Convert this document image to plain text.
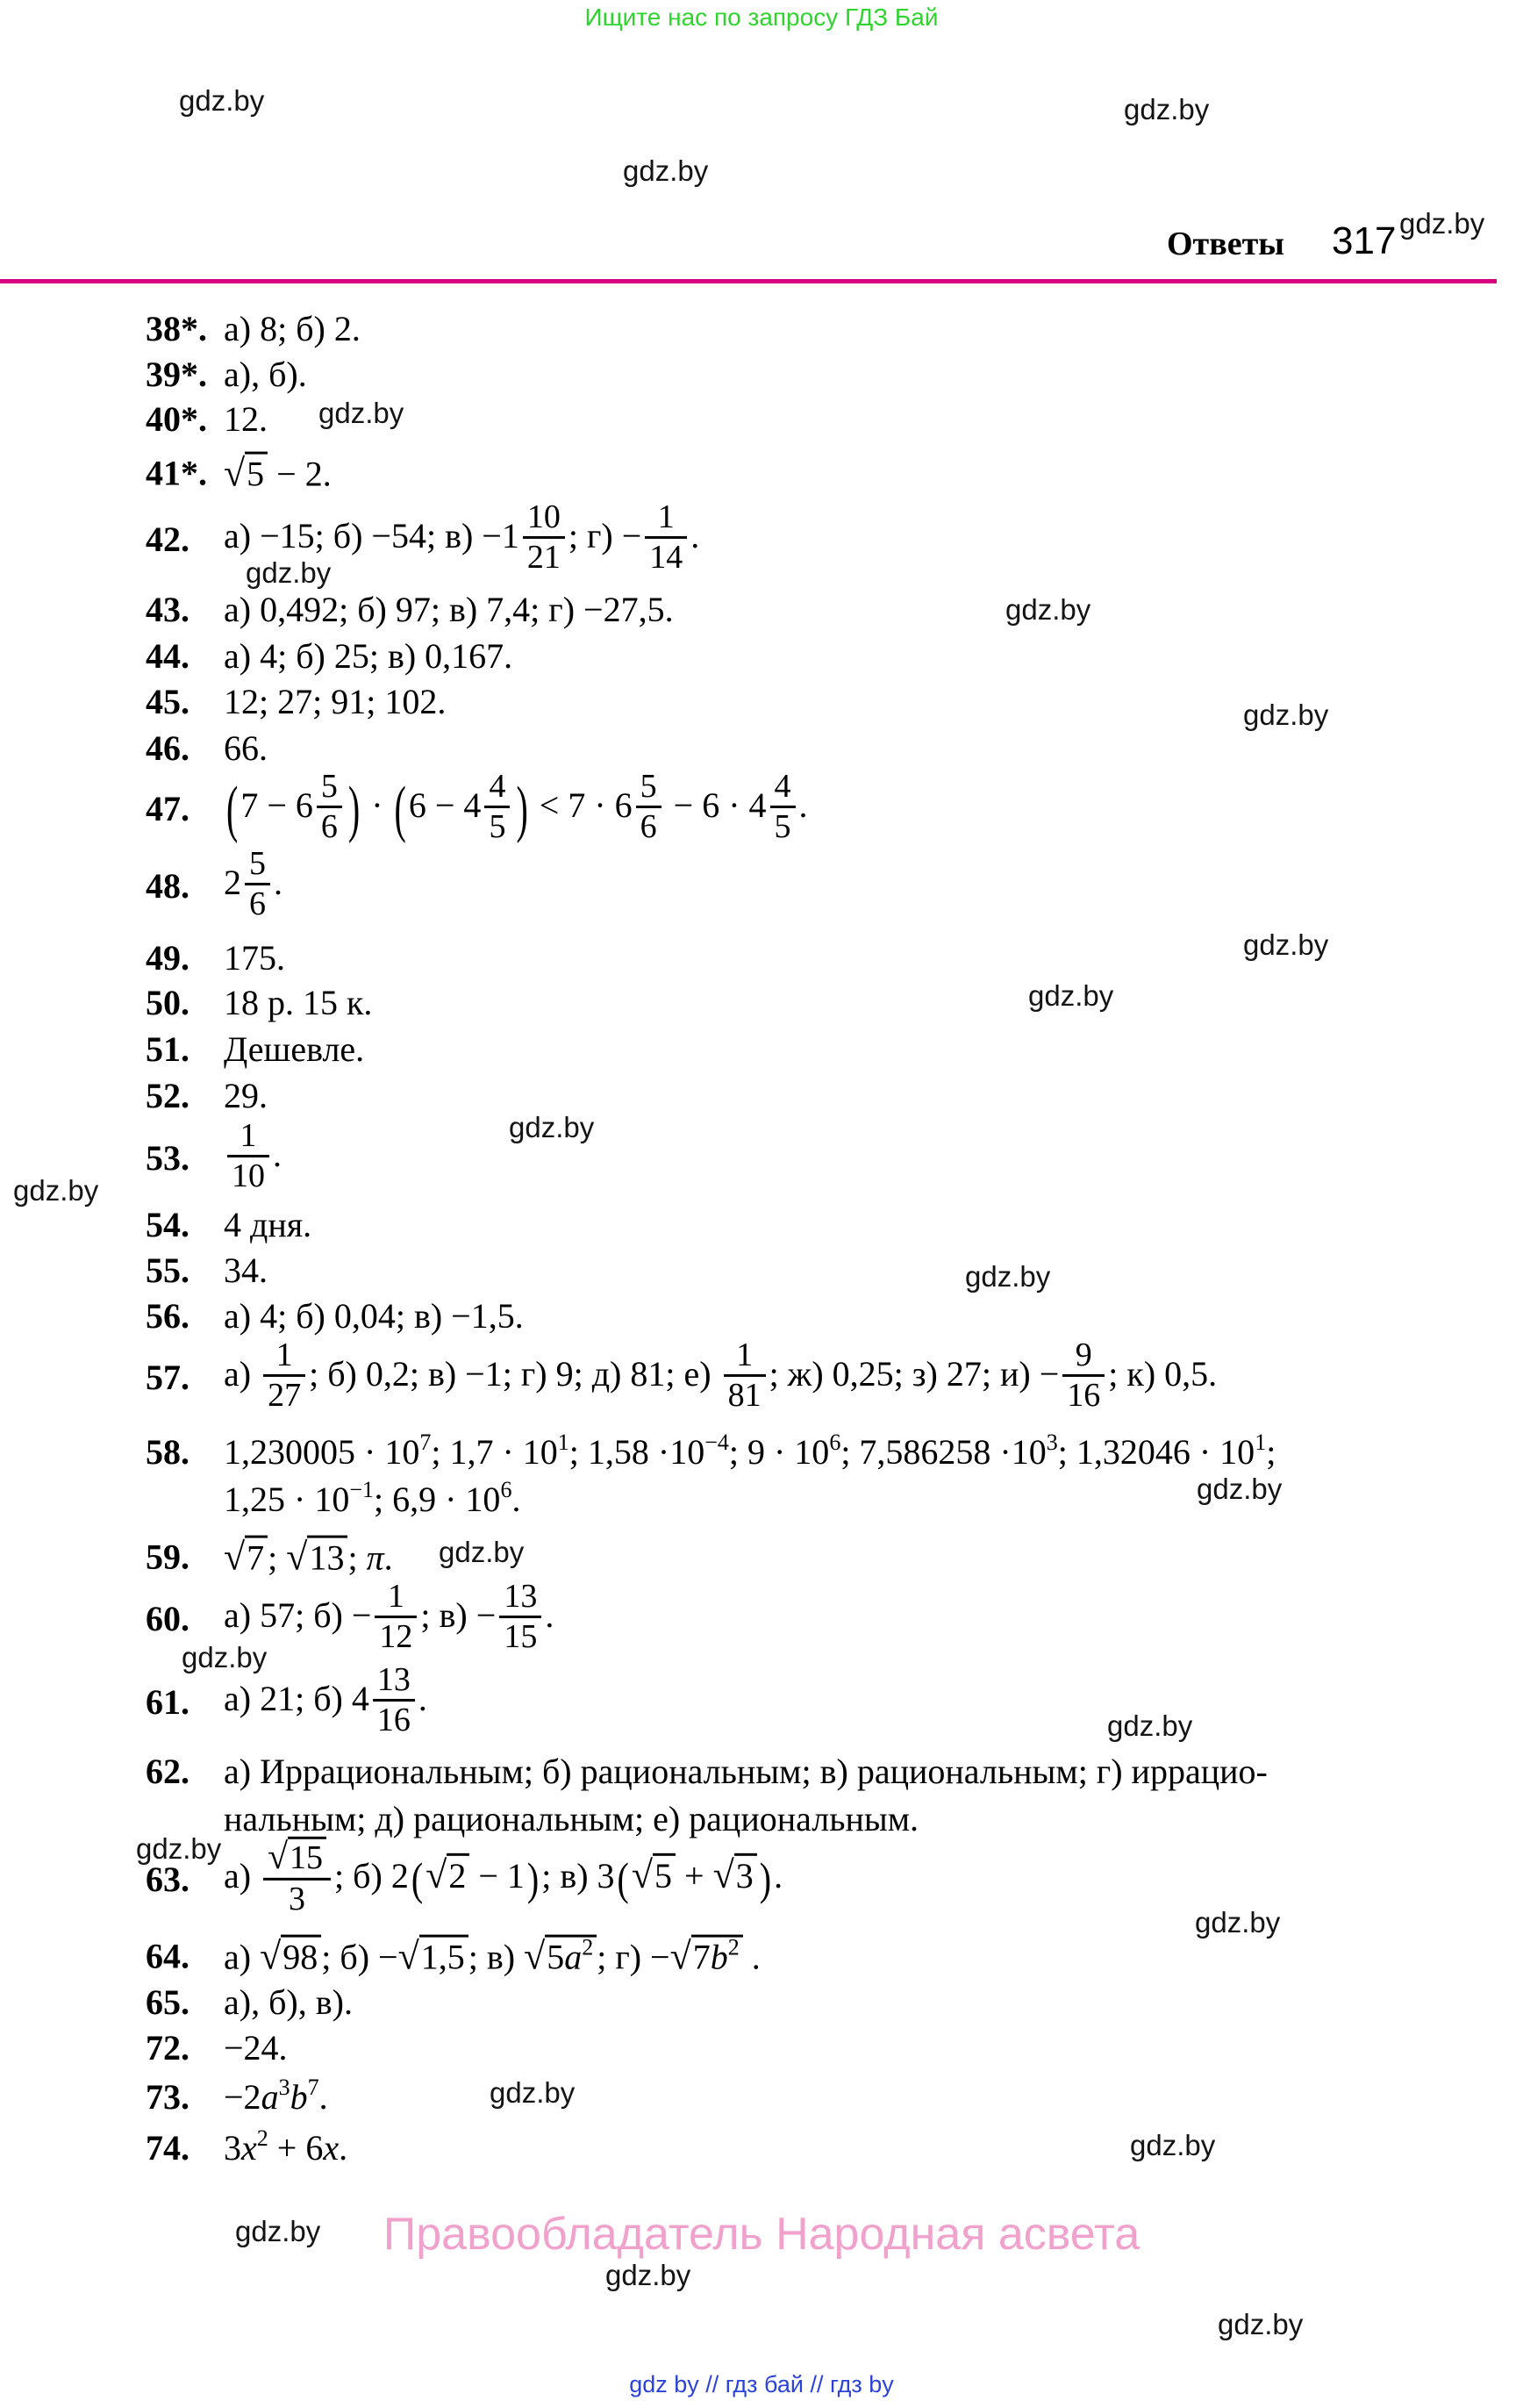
Ищите нас по запросу ГДЗ Бай
Ответы 317
38*. а) 8; б) 2.
39*. а), б).
40*. 12.
41*. √5 − 2.
42. а) −15; б) −54; $в) -1 \frac{10}{21}$ ; $г) - \frac{1}{14}$ .
43. а) 0,492; б) 97; в) 7,4; г) −27,5.
44. а) 4; б) 25; в) 0,167.
45. 12; 27; 91; 102.
46. 66.
47.	($7 - 6 \frac{5}{6}$ ) · ($6 - 4 \frac{4}{5}$ ) < $7 \cdot 6 \frac{5}{6} - 6 \cdot 4 \frac{4}{5}$ .
48. $2 \frac{5}{6}$ .
49. 175.
50. 18 р. 15 к.
51. Дешевле.
52. 29.
53.	$\frac{1}{10}$ .
54. 4 дня.
55. 34.
56. а) 4; б) 0,04; в) −1,5.
57. $а) \frac{1}{27}$ ; б) 0,2; в) −1; г) 9; д) 81; $е) \frac{1}{81}$ ; ж) 0,25; з) 27; $и) - \frac{9}{16}$ ; к) 0,5.
58. $1,230005 \cdot 10^7$; $1,7 \cdot 10^1$; $1,58 \cdot 10^{-4}$; $9 \cdot 10^6$; $7,586258 \cdot 10^3$; $1,32046 \cdot 10^1$;
$1,25 \cdot 10^{-1}$; $6,9 \cdot 10^6$.
59. √7 ; √13 ; π.
60. а) 57; $б) - \frac{1}{12}$ ; $в) - \frac{13}{15}$ .
61. а) 21; б) $4 \frac{13}{16}$ .
62. а) Иррациональным; б) рациональным; в) рациональным; г) иррацио-
нальным; д) рациональным; е) рациональным.
63. $а) \frac{√15}{3}$ ; б) 2(√2 − 1); в) 3(√5 + √3 ).
64. а) √98 ; б) −√1,5 ; в) $√5a^2$ ; $г) -√7b^2$ .
65. а), б), в).
72. −24.
73. $-2a^3b^7$.
74. $3x^2 + 6x$.
gdz.by	gdz.by
gdz.by
gdz.by
gdz.by
gdz.by
gdz.by
gdz.by
gdz.by
gdz.by
gdz.by
gdz.by
gdz.by
gdz.by
gdz.by
gdz.by
gdz.by
gdz.by
gdz.by
gdz.by
gdz.by
gdz.by
gdz.by
gdz.by
Правообладатель Народная асвета
gdz by // гдз бай // гдз by
